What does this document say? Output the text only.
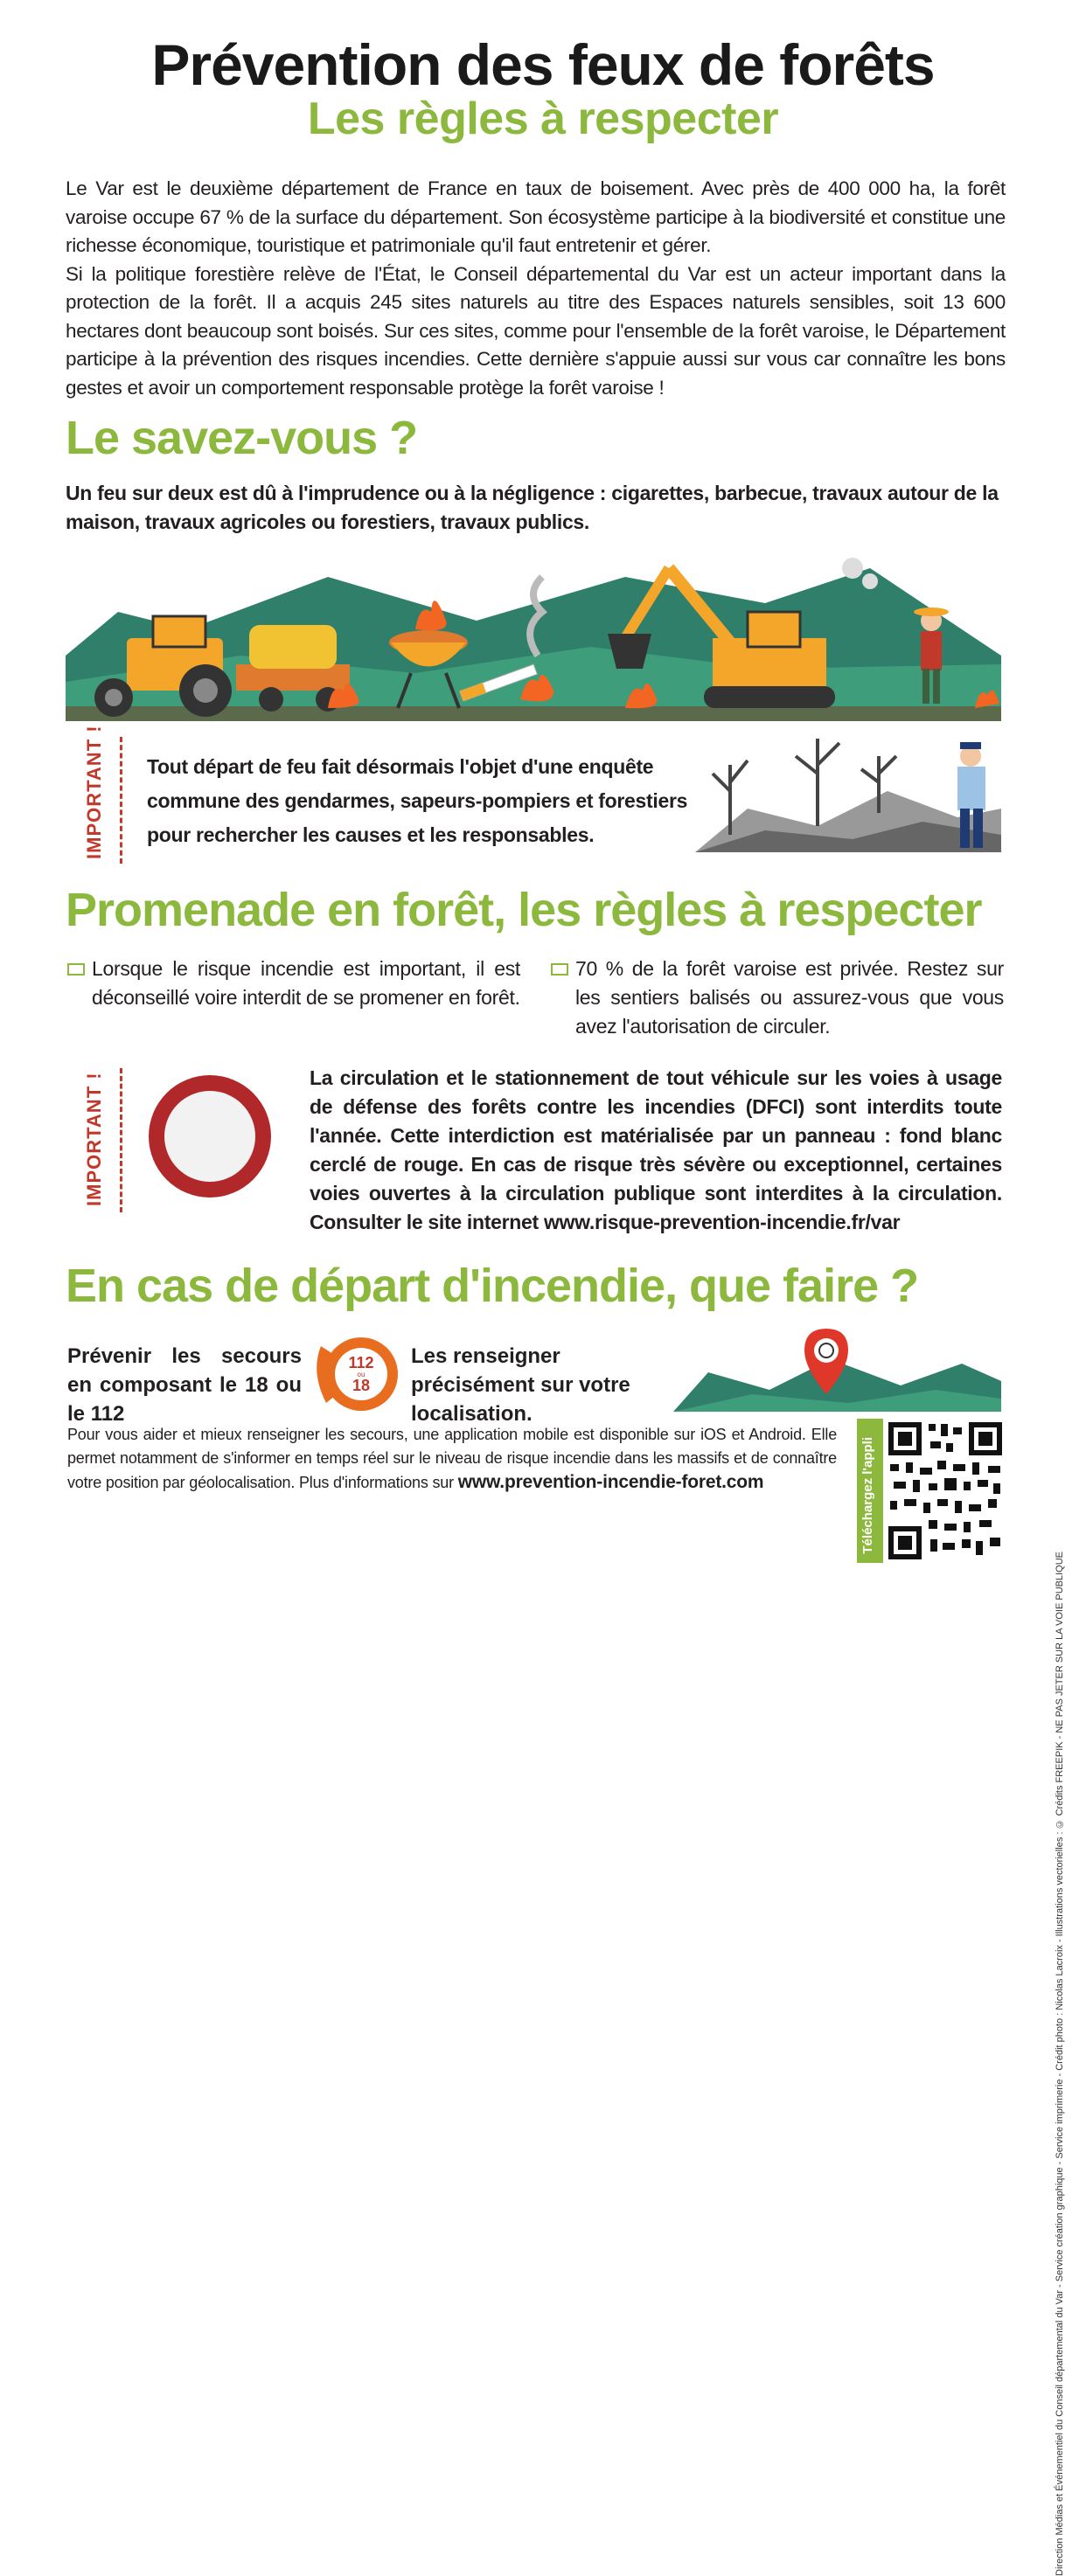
Prévention des feux de forêts
Les règles à respecter

Le Var est le deuxième département de France en taux de boisement. Avec près de 400 000 ha, la forêt varoise occupe 67 % de la surface du département. Son écosystème participe à la biodiversité et constitue une richesse économique, touristique et patrimoniale qu'il faut entretenir et gérer.

Si la politique forestière relève de l'État, le Conseil départemental du Var est un acteur important dans la protection de la forêt. Il a acquis 245 sites naturels au titre des Espaces naturels sensibles, soit 13 600 hectares dont beaucoup sont boisés. Sur ces sites, comme pour l'ensemble de la forêt varoise, le Département participe à la prévention des risques incendies. Cette dernière s'appuie aussi sur vous car connaître les bons gestes et avoir un comportement responsable protège la forêt varoise !

Le savez-vous ?
Un feu sur deux est dû à l'imprudence ou à la négligence : cigarettes, barbecue, travaux autour de la maison, travaux agricoles ou forestiers, travaux publics.
IMPORTANT ! Tout départ de feu fait désormais l'objet d'une enquête commune des gendarmes, sapeurs-pompiers et forestiers pour rechercher les causes et les responsables.
Promenade en forêt, les règles à respecter
Lorsque le risque incendie est important, il est déconseillé voire interdit de se promener en forêt.
70 % de la forêt varoise est privée. Restez sur les sentiers balisés ou assurez-vous que vous avez l'autorisation de circuler.
IMPORTANT !	La circulation et le stationnement de tout véhicule sur les voies à usage de défense des forêts contre les incendies (DFCI) sont interdits toute l'année. Cette interdiction est matérialisée par un panneau : fond blanc cerclé de rouge. En cas de risque très sévère ou exceptionnel, certaines voies ouvertes à la circulation publique sont interdites à la circulation. Consulter le site internet www.risque-prevention-incendie.fr/var
En cas de départ d'incendie, que faire ?
Prévenir les secours en composant le 18 ou le 112
112
ou
18
Les renseigner précisément sur votre localisation.
Pour vous aider et mieux renseigner les secours, une application mobile est disponible sur iOS et Android. Elle permet notamment de s'informer en temps réel sur le niveau de risque incendie dans les massifs et de connaître votre position par géolocalisation. Plus d'informations sur www.prevention-incendie-foret.com	Téléchargez l'appli
Direction Médias et Événementiel du Conseil départemental du Var - Service création graphique - Service imprimerie - Crédit photo : Nicolas Lacroix - Illustrations vectorielles : © Crédits FREEPIK - NE PAS JETER SUR LA VOIE PUBLIQUE
